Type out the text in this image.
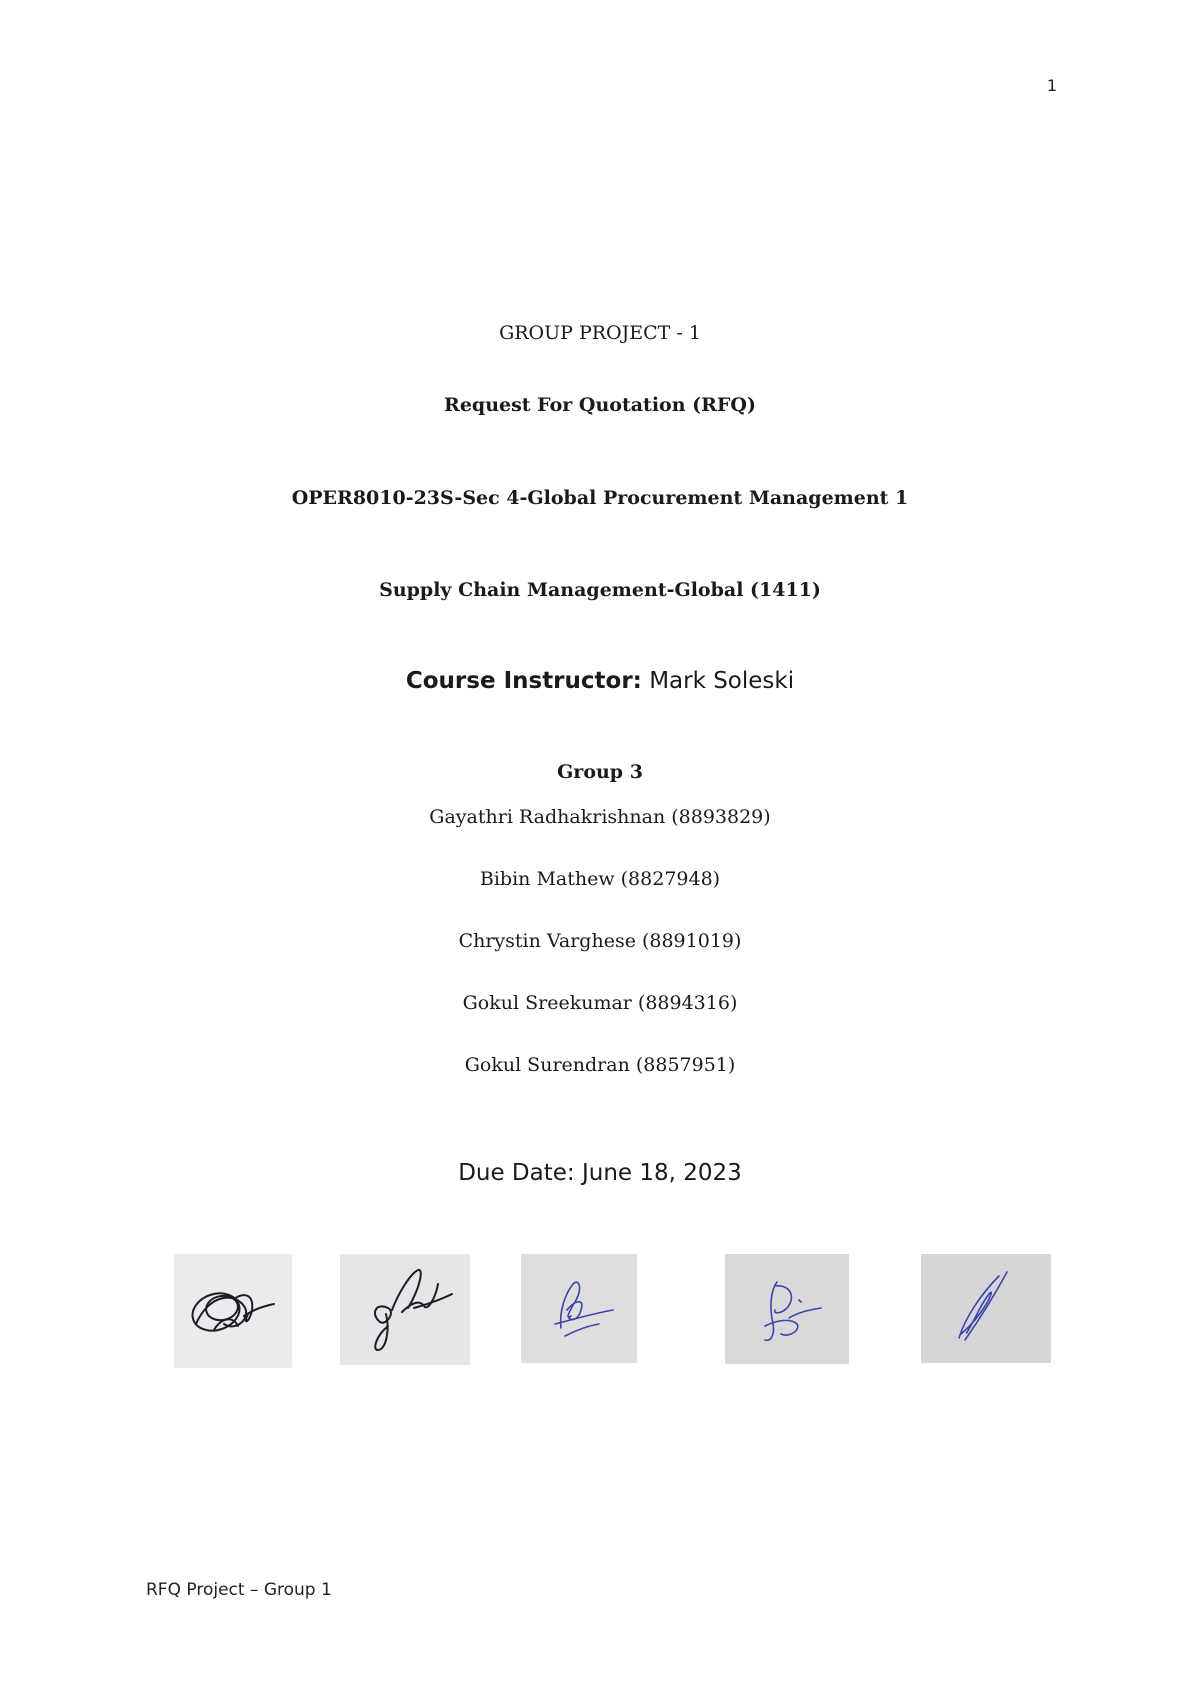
1
GROUP PROJECT - 1
Request For Quotation (RFQ)
OPER8010-23S-Sec 4-Global Procurement Management 1
Supply Chain Management-Global (1411)
Course Instructor: Mark Soleski
Group 3
Gayathri Radhakrishnan (8893829)
Bibin Mathew (8827948)
Chrystin Varghese (8891019)
Gokul Sreekumar (8894316)
Gokul Surendran (8857951)
Due Date: June 18, 2023
RFQ Project – Group 1
